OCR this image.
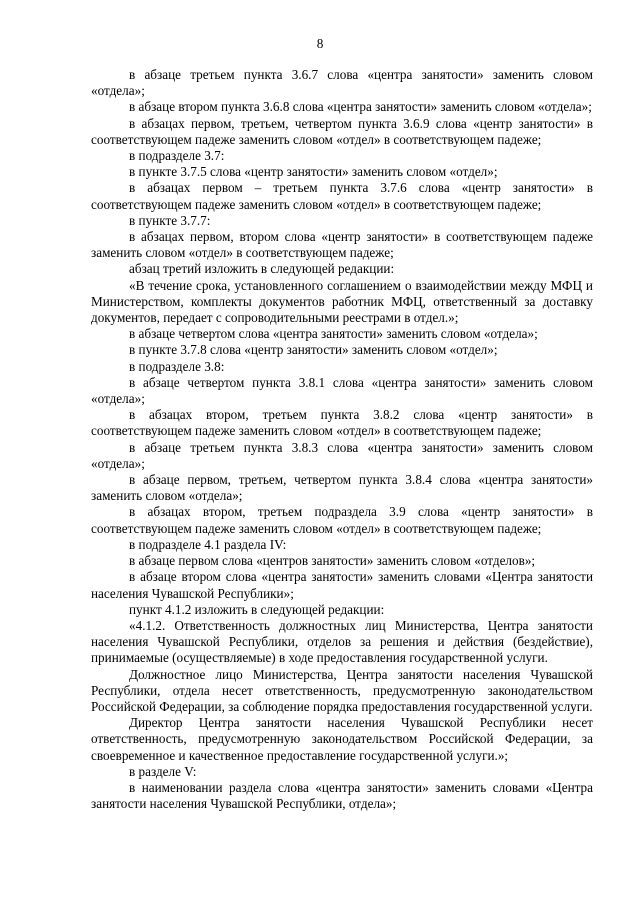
8

в абзаце третьем пункта 3.6.7 слова «центра занятости» заменить словом «отдела»;

в абзаце втором пункта 3.6.8 слова «центра занятости» заменить словом «отдела»;

в абзацах первом, третьем, четвертом пункта 3.6.9 слова «центр занятости» в соответствующем падеже заменить словом «отдел» в соответствующем падеже;

в подразделе 3.7:

в пункте 3.7.5 слова «центр занятости» заменить словом «отдел»;

в абзацах первом – третьем пункта 3.7.6 слова «центр занятости» в соответствующем падеже заменить словом «отдел» в соответствующем падеже;

в пункте 3.7.7:

в абзацах первом, втором слова «центр занятости» в соответствующем падеже заменить словом «отдел» в соответствующем падеже;

абзац третий изложить в следующей редакции:

«В течение срока, установленного соглашением о взаимодействии между МФЦ и Министерством, комплекты документов работник МФЦ, ответственный за доставку документов, передает с сопроводительными реестрами в отдел.»;

в абзаце четвертом слова «центра занятости» заменить словом «отдела»;

в пункте 3.7.8 слова «центр занятости» заменить словом «отдел»;

в подразделе 3.8:

в абзаце четвертом пункта 3.8.1 слова «центра занятости» заменить словом «отдела»;

в абзацах втором, третьем пункта 3.8.2 слова «центр занятости» в соответствующем падеже заменить словом «отдел» в соответствующем падеже;

в абзаце третьем пункта 3.8.3 слова «центра занятости» заменить словом «отдела»;

в абзаце первом, третьем, четвертом пункта 3.8.4 слова «центра занятости» заменить словом «отдела»;

в абзацах втором, третьем подраздела 3.9 слова «центр занятости» в соответствующем падеже заменить словом «отдел» в соответствующем падеже;

в подразделе 4.1 раздела IV:

в абзаце первом слова «центров занятости» заменить словом «отделов»;

в абзаце втором слова «центра занятости» заменить словами «Центра занятости населения Чувашской Республики»;

пункт 4.1.2 изложить в следующей редакции:

«4.1.2. Ответственность должностных лиц Министерства, Центра занятости населения Чувашской Республики, отделов за решения и действия (бездействие), принимаемые (осуществляемые) в ходе предоставления государственной услуги.

Должностное лицо Министерства, Центра занятости населения Чувашской Республики, отдела несет ответственность, предусмотренную законодательством Российской Федерации, за соблюдение порядка предоставления государственной услуги.

Директор Центра занятости населения Чувашской Республики несет ответственность, предусмотренную законодательством Российской Федерации, за своевременное и качественное предоставление государственной услуги.»;

в разделе V:

в наименовании раздела слова «центра занятости» заменить словами «Центра занятости населения Чувашской Республики, отдела»;
